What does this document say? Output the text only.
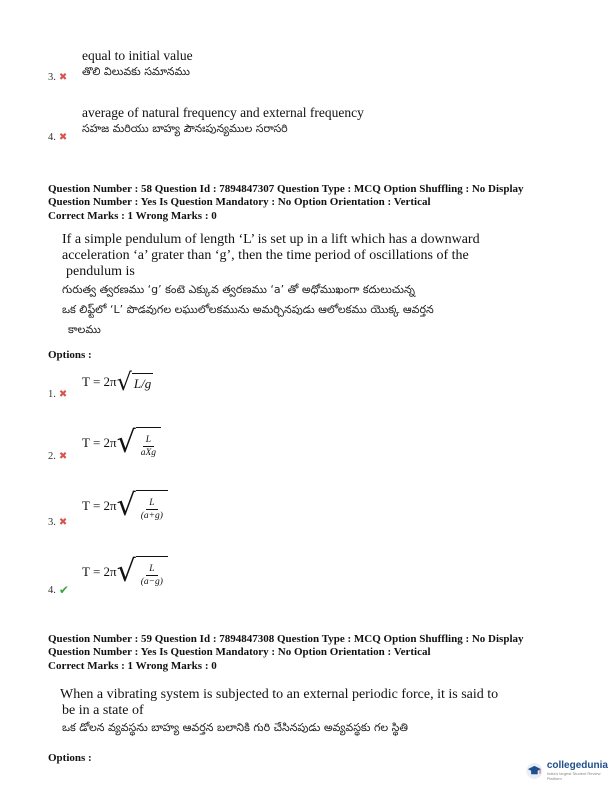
equal to initial value
తొలి విలువకు సమానము
3. ✖
average of natural frequency and external frequency
సహజ మరియు బాహ్య పౌనఃపున్యముల సరాసరి
4. ✖
Question Number : 58 Question Id : 7894847307 Question Type : MCQ Option Shuffling : No Display
Question Number : Yes Is Question Mandatory : No Option Orientation : Vertical
Correct Marks : 1 Wrong Marks : 0
If a simple pendulum of length ‘L’ is set up in a lift which has a downward
acceleration ‘a’ grater than ‘g’, then the time period of oscillations of the
pendulum is
గురుత్వ త్వరణము ‘g’ కంటె ఎక్కువ త్వరణము ‘a’ తో అధోముఖంగా కదులుచున్న
ఒక లిఫ్ట్‌లో ‘L’ పొడవుగల లఘులోలకమును అమర్చినపుడు ఆలోలకము యొక్క ఆవర్తన
కాలము
Options :
T = 2π √ L/g
1. ✖
T = 2π √ $\frac{L}{\text{aXg}}$
2. ✖
T = 2π √ $\frac{L}{(a+g)}$
3. ✖
T = 2π √ $\frac{L}{(a-g)}$
4. ✔
Question Number : 59 Question Id : 7894847308 Question Type : MCQ Option Shuffling : No Display
Question Number : Yes Is Question Mandatory : No Option Orientation : Vertical
Correct Marks : 1 Wrong Marks : 0
When a vibrating system is subjected to an external periodic force, it is said to
be in a state of
ఒక డోలన వ్యవస్థను బాహ్య ఆవర్తన బలానికి గురి చేసినపుడు అవ్యవస్థకు గల స్థితి
Options :
collegedunia
India's largest Student Review Platform
